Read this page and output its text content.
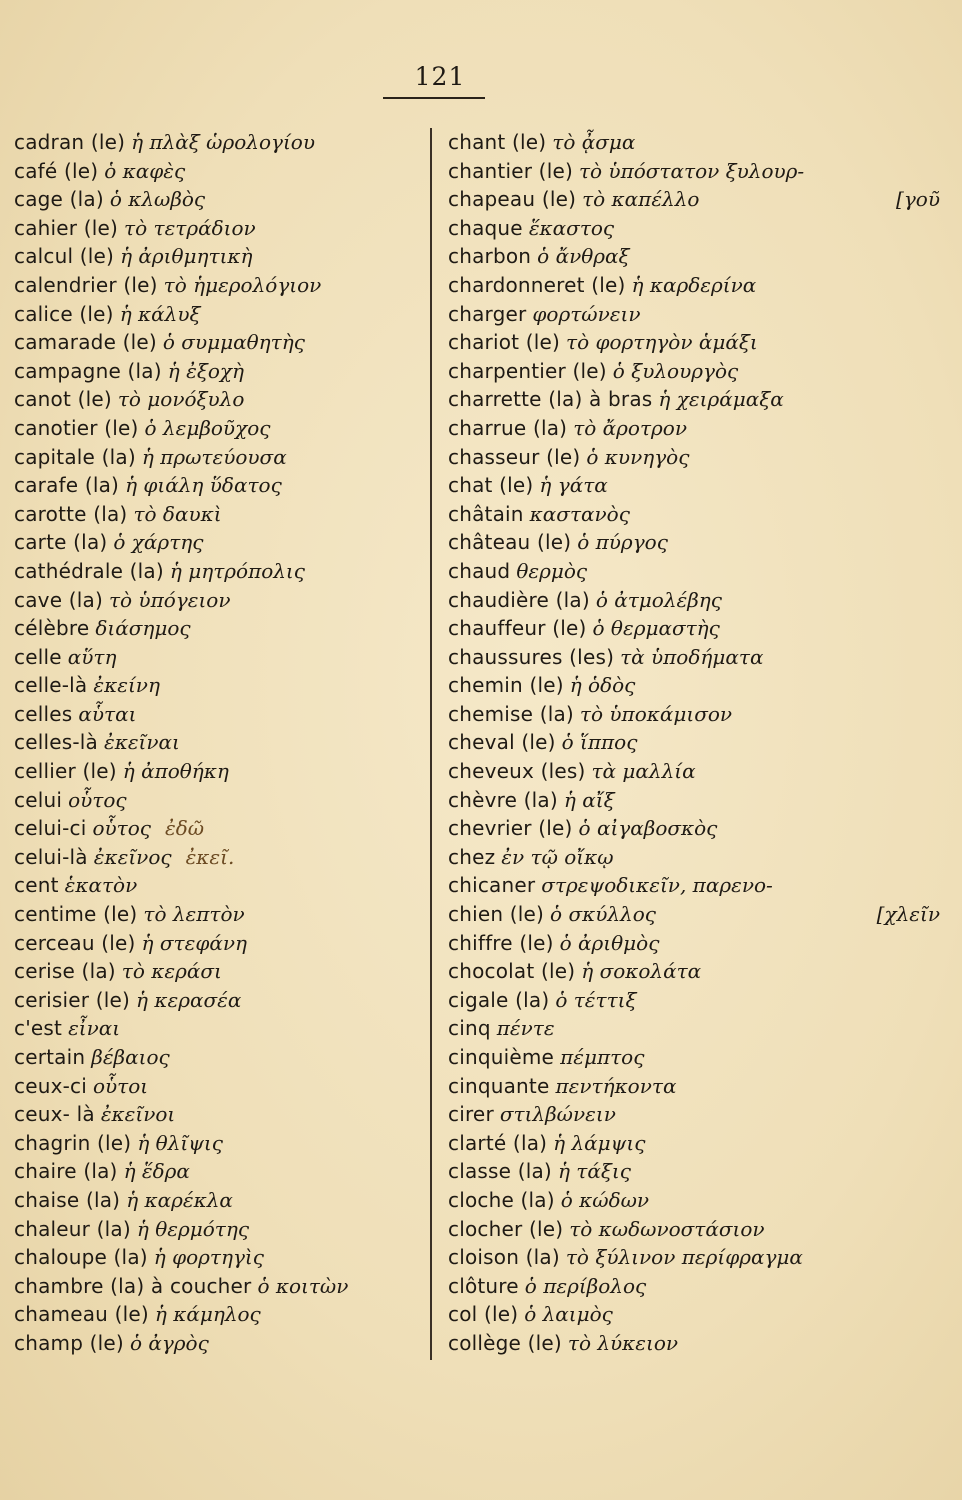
121
cadran (le) ἡ πλὰξ ὡρολογίου
café (le) ὁ καφὲς
cage (la) ὁ κλωβὸς
cahier (le) τὸ τετράδιον
calcul (le) ἡ ἀριθμητικὴ
calendrier (le) τὸ ἡμερολόγιον
calice (le) ἡ κάλυξ
camarade (le) ὁ συμμαθητὴς
campagne (la) ἡ ἐξοχὴ
canot (le) τὸ μονόξυλο
canotier (le) ὁ λεμβοῦχος
capitale (la) ἡ πρωτεύουσα
carafe (la) ἡ φιάλη ὕδατος
carotte (la) τὸ δαυκὶ
carte (la) ὁ χάρτης
cathédrale (la) ἡ μητρόπολις
cave (la) τὸ ὑπόγειον
célèbre διάσημος
celle αὕτη
celle-là ἐκείνη
celles αὗται
celles-là ἐκεῖναι
cellier (le) ἡ ἀποθήκη
celui οὗτος
celui-ci οὗτος ἐδῶ
celui-là ἐκεῖνος ἐκεῖ.
cent ἑκατὸν
centime (le) τὸ λεπτὸν
cerceau (le) ἡ στεφάνη
cerise (la) τὸ κεράσι
cerisier (le) ἡ κερασέα
c'est εἶναι
certain βέβαιος
ceux-ci οὗτοι
ceux- là ἐκεῖνοι
chagrin (le) ἡ θλῖψις
chaire (la) ἡ ἕδρα
chaise (la) ἡ καρέκλα
chaleur (la) ἡ θερμότης
chaloupe (la) ἡ φορτηγὶς
chambre (la) à coucher ὁ κοιτὼν
chameau (le) ἡ κάμηλος
champ (le) ὁ ἀγρὸς
chant (le) τὸ ᾆσμα
chantier (le) τὸ ὑπόστατον ξυλουρ-
chapeau (le) τὸ καπέλλο	[γοῦ
chaque ἕκαστος
charbon ὁ ἄνθραξ
chardonneret (le) ἡ καρδερίνα
charger φορτώνειν
chariot (le) τὸ φορτηγὸν ἁμάξι
charpentier (le) ὁ ξυλουργὸς
charrette (la) à bras ἡ χειράμαξα
charrue (la) τὸ ἄροτρον
chasseur (le) ὁ κυνηγὸς
chat (le) ἡ γάτα
châtain καστανὸς
château (le) ὁ πύργος
chaud θερμὸς
chaudière (la) ὁ ἀτμολέβης
chauffeur (le) ὁ θερμαστὴς
chaussures (les) τὰ ὑποδήματα
chemin (le) ἡ ὁδὸς
chemise (la) τὸ ὑποκάμισον
cheval (le) ὁ ἵππος
cheveux (les) τὰ μαλλία
chèvre (la) ἡ αἴξ
chevrier (le) ὁ αἰγαβοσκὸς
chez ἐν τῷ οἴκῳ
chicaner στρεψοδικεῖν, παρενο-
chien (le) ὁ σκύλλος	[χλεῖν
chiffre (le) ὁ ἀριθμὸς
chocolat (le) ἡ σοκολάτα
cigale (la) ὁ τέττιξ
cinq πέντε
cinquième πέμπτος
cinquante πεντήκοντα
cirer στιλβώνειν
clarté (la) ἡ λάμψις
classe (la) ἡ τάξις
cloche (la) ὁ κώδων
clocher (le) τὸ κωδωνοστάσιον
cloison (la) τὸ ξύλινον περίφραγμα
clôture ὁ περίβολος
col (le) ὁ λαιμὸς
collège (le) τὸ λύκειον
